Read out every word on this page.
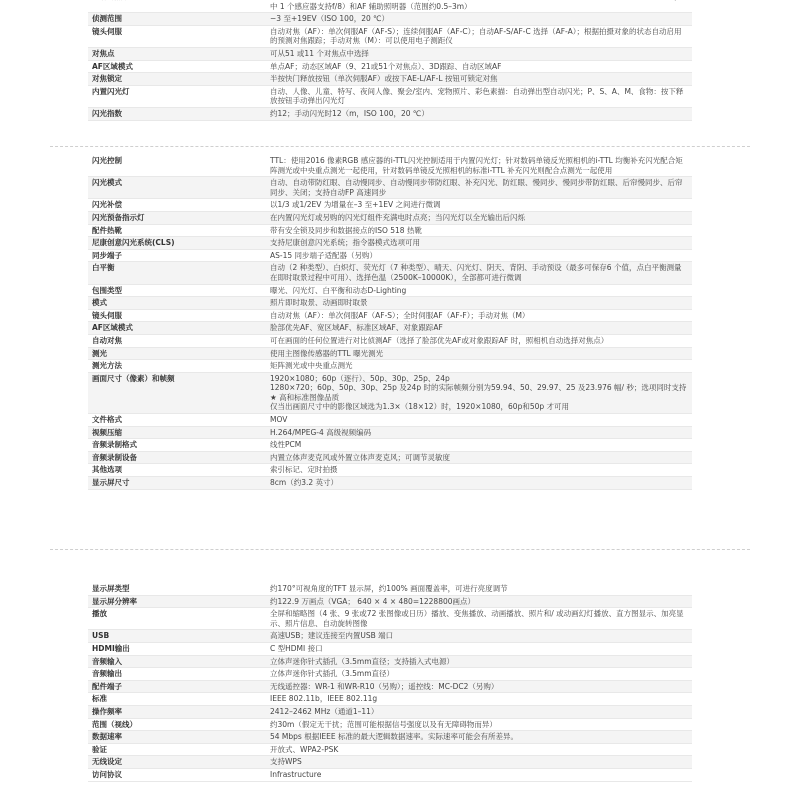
	中 1 个感应器支持f/8）和AF 辅助照明器（范围约0.5–3m）
侦测范围	−3 至+19EV（ISO 100，20 ℃）
镜头伺服	自动对焦（AF）：单次伺服AF（AF-S）；连续伺服AF（AF-C）；自动AF-S/AF-C 选择（AF-A）；根据拍摄对象的状态自动启用的预测对焦跟踪；手动对焦（M）：可以使用电子测距仪
对焦点	可从51 或11 个对焦点中选择
AF区域模式	单点AF；动态区域AF（9、21或51个对焦点）、3D跟踪、自动区域AF
对焦锁定	半按快门释放按钮（单次伺服AF）或按下AE-L/AF-L 按钮可锁定对焦
内置闪光灯	自动、人像、儿童、特写、夜间人像、聚会/室内、宠物照片、彩色素描：自动弹出型自动闪光；P、S、A、M、食物：按下释放按钮手动弹出闪光灯
闪光指数	约12；手动闪光时12（m，ISO 100，20 ℃）
闪光控制	TTL：使用2016 像素RGB 感应器的i-TTL闪光控制适用于内置闪光灯；针对数码单镜反光照相机的i-TTL 均衡补充闪光配合矩阵测光或中央重点测光一起使用，针对数码单镜反光照相机的标准i-TTL 补充闪光则配合点测光一起使用
闪光模式	自动、自动带防红眼、自动慢同步、自动慢同步带防红眼、补充闪光、防红眼、慢同步、慢同步带防红眼、后帘慢同步、后帘同步、关闭；支持自动FP 高速同步
闪光补偿	以1/3 或1/2EV 为增量在–3 至+1EV 之间进行微调
闪光预备指示灯	在内置闪光灯或另购的闪光灯组件充满电时点亮；当闪光灯以全光输出后闪烁
配件热靴	带有安全锁及同步和数据接点的ISO 518 热靴
尼康创意闪光系统(CLS)	支持尼康创意闪光系统；指令器模式选项可用
同步端子	AS-15 同步端子适配器（另购）
白平衡	自动（2 种类型）、白炽灯、荧光灯（7 种类型）、晴天、闪光灯、阴天、背阴、手动预设（最多可保存6 个值，点白平衡测量在即时取景过程中可用）、选择色温（2500K–10000K），全部都可进行微调
包围类型	曝光、闪光灯、白平衡和动态D-Lighting
模式	照片即时取景、动画即时取景
镜头伺服	自动对焦（AF）：单次伺服AF（AF-S）；全时伺服AF（AF-F）；手动对焦（M）
AF区域模式	脸部优先AF、宽区域AF、标准区域AF、对象跟踪AF
自动对焦	可在画面的任何位置进行对比侦测AF（选择了脸部优先AF或对象跟踪AF 时，照相机自动选择对焦点）
测光	使用主图像传感器的TTL 曝光测光
测光方法	矩阵测光或中央重点测光
画面尺寸（像素）和帧频	1920×1080；60p（逐行）、50p、30p、25p、24p
1280×720；60p、50p、30p、25p 及24p 时的实际帧频分别为59.94、50、29.97、25 及23.976 幅/ 秒；选项同时支持★ 高和标准图像品质
仅当出画面尺寸中的影像区域选为1.3×（18×12）时，1920×1080，60p和50p 才可用
文件格式	MOV
视频压缩	H.264/MPEG-4 高级视频编码
音频录制格式	线性PCM
音频录制设备	内置立体声麦克风或外置立体声麦克风；可调节灵敏度
其他选项	索引标记、定时拍摄
显示屏尺寸	8cm（约3.2 英寸）
显示屏类型	约170°可视角度的TFT 显示屏，约100% 画面覆盖率，可进行亮度调节
显示屏分辨率	约122.9 万画点（VGA； 640 × 4 × 480=1228800画点）
播放	全屏和缩略图（4 张、9 张或72 张图像或日历）播放、变焦播放、动画播放、照片和/ 或动画幻灯播放、直方图显示、加亮显示、照片信息、自动旋转图像
USB	高速USB；建议连接至内置USB 端口
HDMI输出	C 型HDMI 接口
音频输入	立体声迷你针式插孔（3.5mm直径；支持插入式电源）
音频输出	立体声迷你针式插孔（3.5mm直径）
配件端子	无线遥控器：WR-1 和WR-R10（另购）；遥控线：MC-DC2（另购）
标准	IEEE 802.11b，IEEE 802.11g
操作频率	2412–2462 MHz（通道1–11）
范围（视线）	约30m（假定无干扰；范围可能根据信号强度以及有无障碍物而异）
数据速率	54 Mbps 根据IEEE 标准的最大逻辑数据速率。实际速率可能会有所差异。
验证	开放式、WPA2-PSK
无线设定	支持WPS
访问协议	Infrastructure
